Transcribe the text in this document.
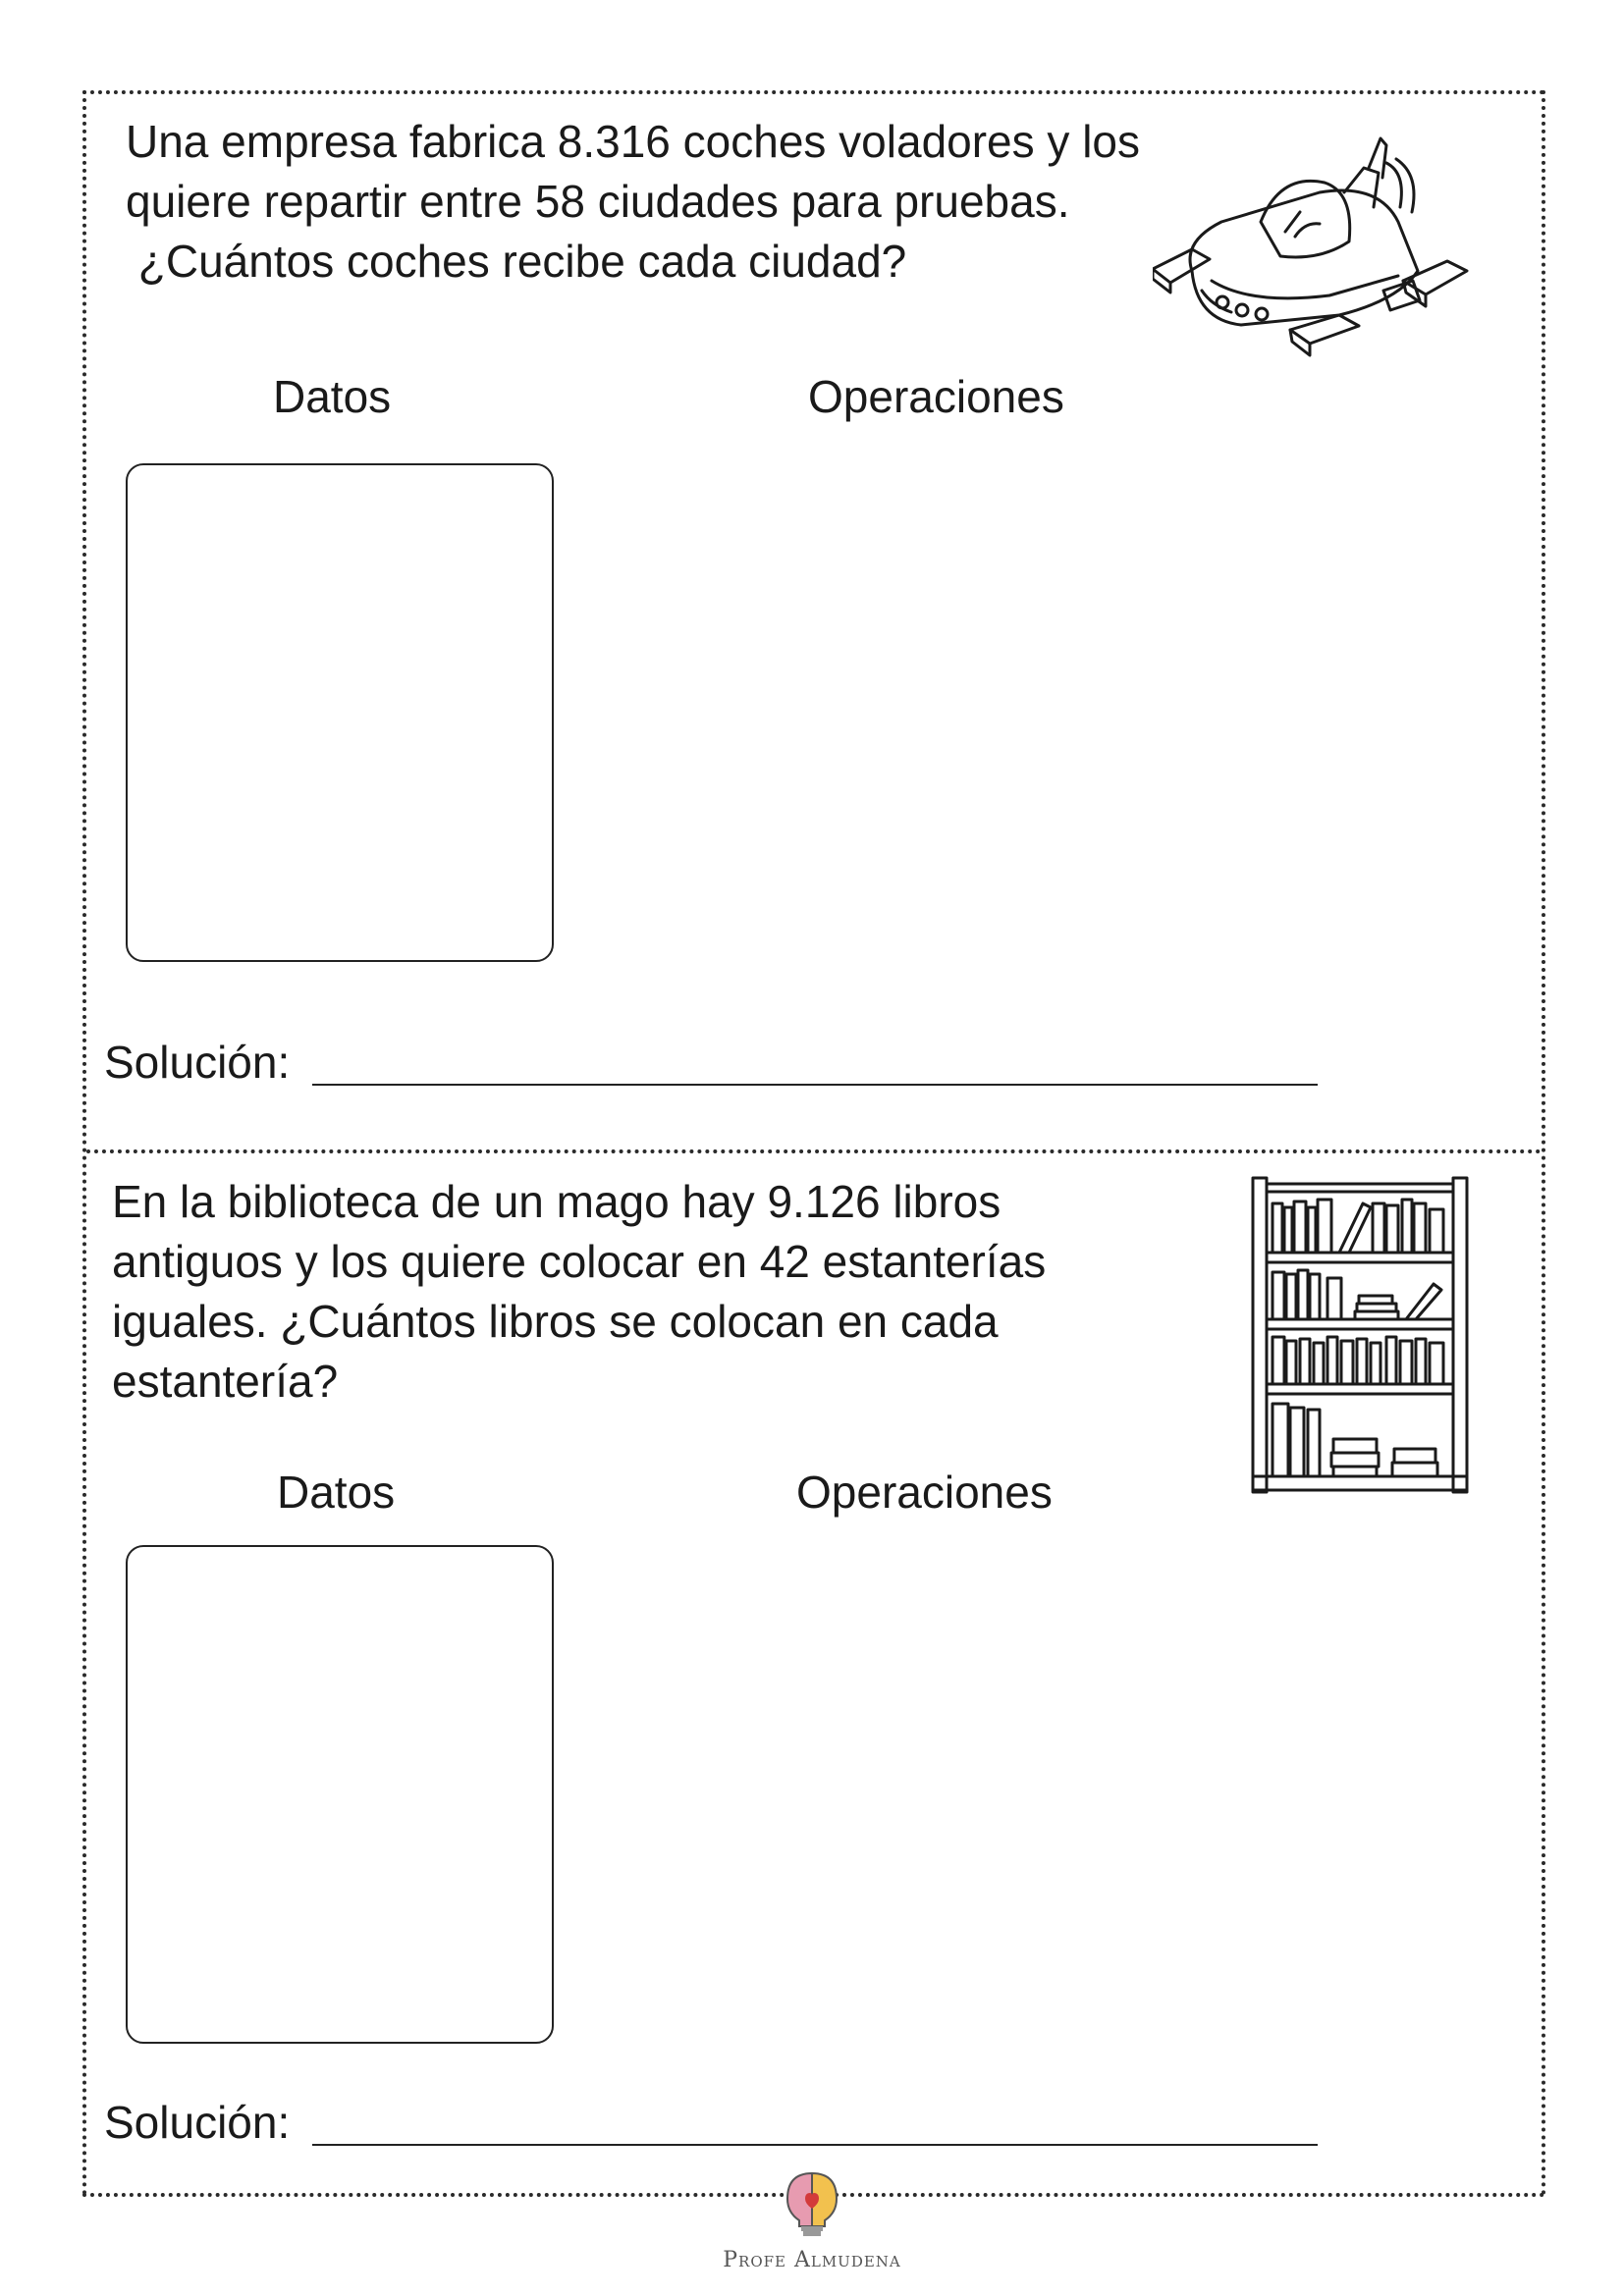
Una empresa fabrica 8.316 coches voladores y los
quiere repartir entre 58 ciudades para pruebas.
¿Cuántos coches recibe cada ciudad?

Datos	Operaciones
Solución:

En la biblioteca de un mago hay 9.126 libros
antiguos y los quiere colocar en 42 estanterías
iguales. ¿Cuántos libros se colocan en cada
estantería?

Datos	Operaciones
Solución:
Profe Almudena
